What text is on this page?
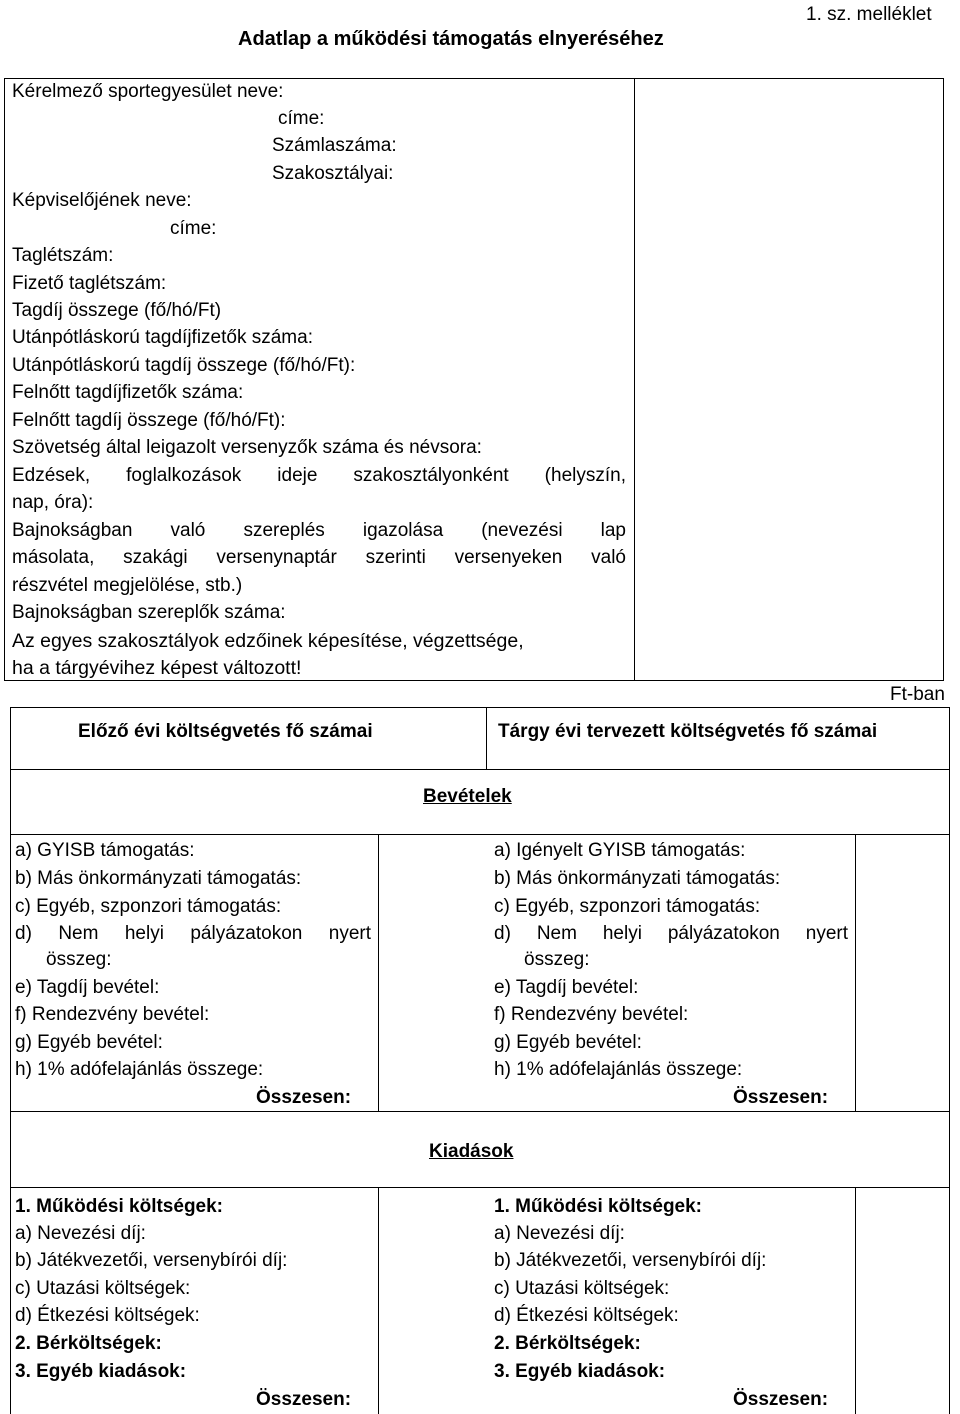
1. sz. melléklet
Adatlap a működési támogatás elnyeréséhez
Kérelmező sportegyesület neve:
címe:
Számlaszáma:
Szakosztályai:
Képviselőjének neve:
címe:
Taglétszám:
Fizető taglétszám:
Tagdíj összege (fő/hó/Ft)
Utánpótláskorú tagdíjfizetők száma:
Utánpótláskorú tagdíj összege (fő/hó/Ft):
Felnőtt tagdíjfizetők száma:
Felnőtt tagdíj összege (fő/hó/Ft):
Szövetség által leigazolt versenyzők száma és névsora:
Edzések, foglalkozások ideje szakosztályonként (helyszín,
nap, óra):
Bajnokságban való szereplés igazolása (nevezési lap
másolata, szakági versenynaptár szerinti versenyeken való
részvétel megjelölése, stb.)
Bajnokságban szereplők száma:
Az egyes szakosztályok edzőinek képesítése, végzettsége,
ha a tárgyévihez képest változott!
Ft-ban
Előző évi költségvetés fő számai	Tárgy évi tervezett költségvetés fő számai
Bevételek
a) GYISB támogatás:
b) Más önkormányzati támogatás:
c) Egyéb, szponzori támogatás:
d) Nem helyi pályázatokon nyert
összeg:
e) Tagdíj bevétel:
f) Rendezvény bevétel:
g) Egyéb bevétel:
h) 1% adófelajánlás összege:
Összesen:
a) Igényelt GYISB támogatás:
b) Más önkormányzati támogatás:
c) Egyéb, szponzori támogatás:
d) Nem helyi pályázatokon nyert
összeg:
e) Tagdíj bevétel:
f) Rendezvény bevétel:
g) Egyéb bevétel:
h) 1% adófelajánlás összege:
Összesen:
Kiadások
1. Működési költségek:
a) Nevezési díj:
b) Játékvezetői, versenybírói díj:
c) Utazási költségek:
d) Étkezési költségek:
2. Bérköltségek:
3. Egyéb kiadások:
Összesen:
1. Működési költségek:
a) Nevezési díj:
b) Játékvezetői, versenybírói díj:
c) Utazási költségek:
d) Étkezési költségek:
2. Bérköltségek:
3. Egyéb kiadások:
Összesen:
